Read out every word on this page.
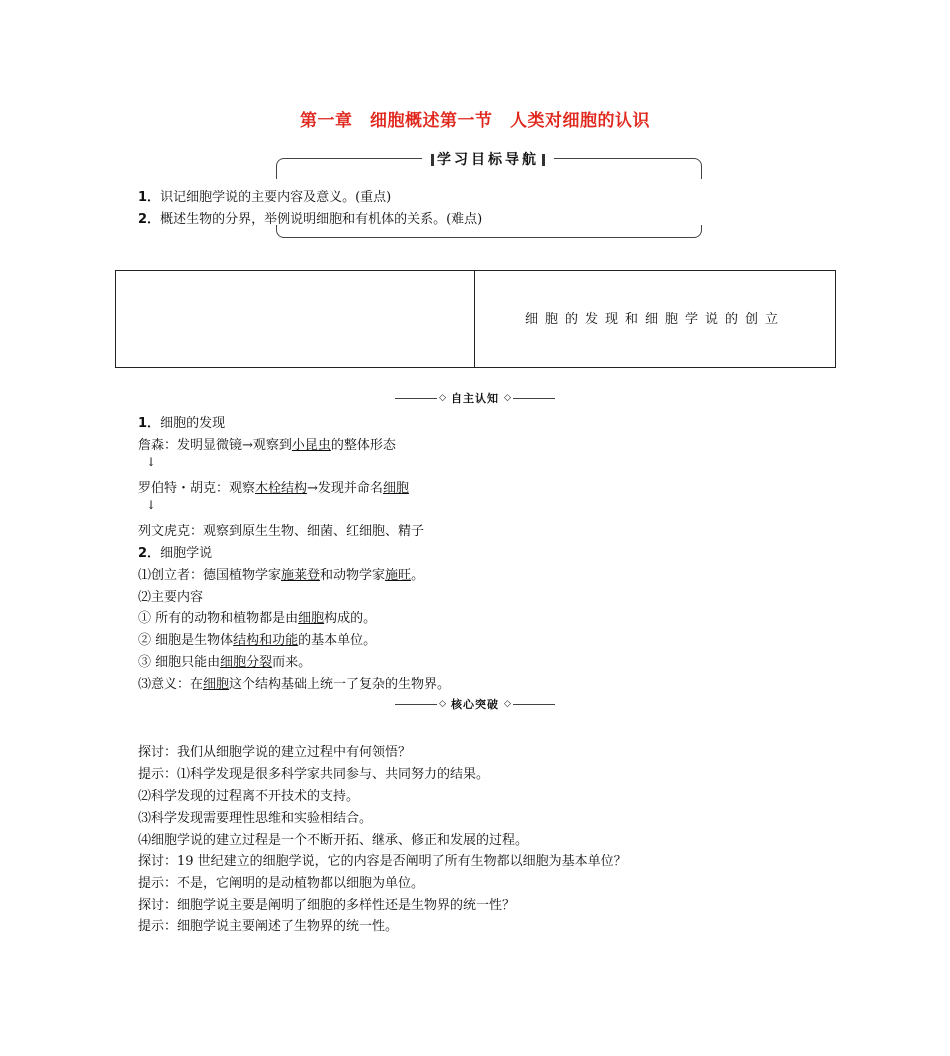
第一章　细胞概述第一节　人类对细胞的认识
学习目标导航
1．识记细胞学说的主要内容及意义。(重点)
2．概述生物的分界，举例说明细胞和有机体的关系。(难点)
细胞的发现和细胞学说的创立
◇ 自主认知 ◇
1．细胞的发现
詹森：发明显微镜→观察到小昆虫的整体形态
↓
罗伯特・胡克：观察木栓结构→发现并命名细胞
↓
列文虎克：观察到原生生物、细菌、红细胞、精子
2．细胞学说
⑴创立者：德国植物学家施莱登和动物学家施旺。
⑵主要内容
① 所有的动物和植物都是由细胞构成的。
② 细胞是生物体结构和功能的基本单位。
③ 细胞只能由细胞分裂而来。
⑶意义：在细胞这个结构基础上统一了复杂的生物界。
◇ 核心突破 ◇
探讨：我们从细胞学说的建立过程中有何领悟？
提示：⑴科学发现是很多科学家共同参与、共同努力的结果。
⑵科学发现的过程离不开技术的支持。
⑶科学发现需要理性思维和实验相结合。
⑷细胞学说的建立过程是一个不断开拓、继承、修正和发展的过程。
探讨：19 世纪建立的细胞学说，它的内容是否阐明了所有生物都以细胞为基本单位？
提示：不是，它阐明的是动植物都以细胞为单位。
探讨：细胞学说主要是阐明了细胞的多样性还是生物界的统一性？
提示：细胞学说主要阐述了生物界的统一性。
